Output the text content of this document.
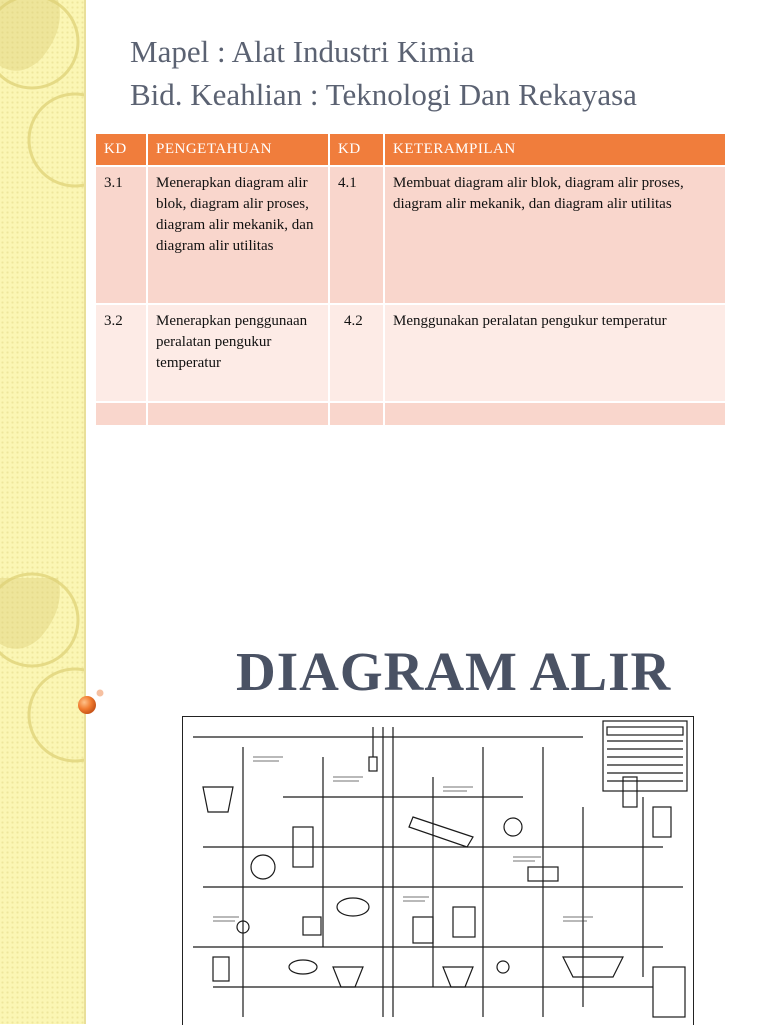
Mapel : Alat Industri Kimia
Bid. Keahlian : Teknologi Dan Rekayasa
KD	PENGETAHUAN	KD	KETERAMPILAN
3.1	Menerapkan diagram alir blok, diagram alir proses, diagram alir mekanik, dan diagram alir utilitas	4.1	Membuat diagram alir blok, diagram alir proses, diagram alir mekanik, dan diagram alir utilitas
3.2	Menerapkan penggunaan peralatan pengukur temperatur	4.2	Menggunakan peralatan pengukur temperatur

DIAGRAM ALIR
